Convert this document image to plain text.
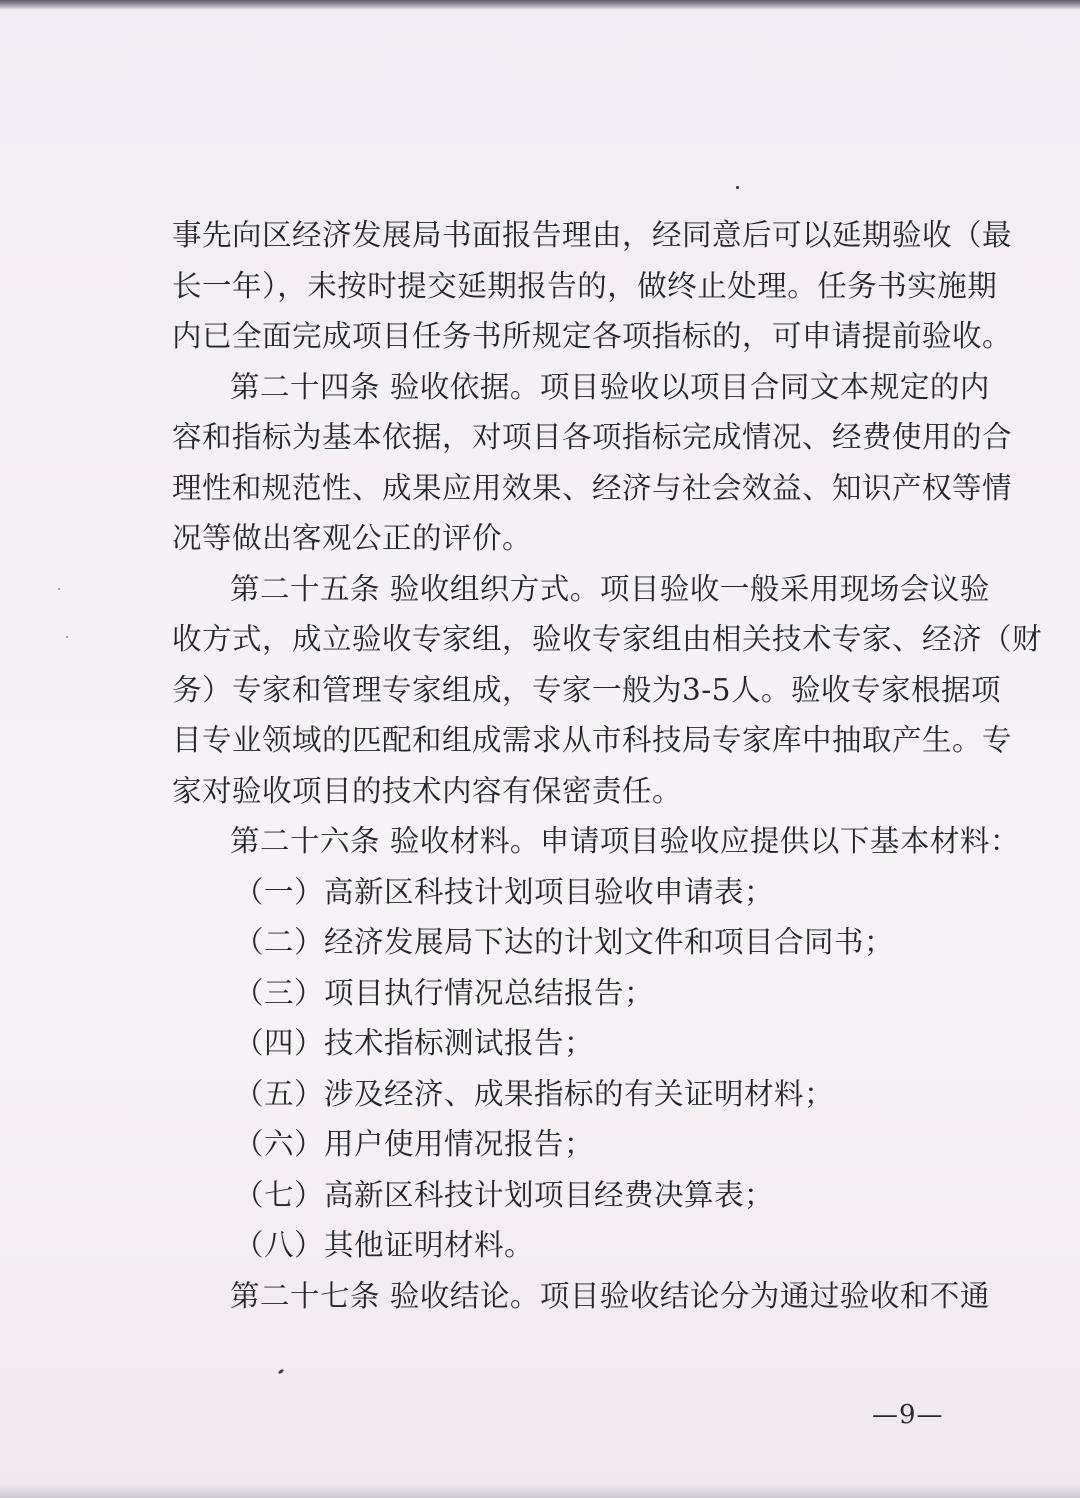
事先向区经济发展局书面报告理由，经同意后可以延期验收（最
长一年），未按时提交延期报告的，做终止处理。任务书实施期
内已全面完成项目任务书所规定各项指标的，可申请提前验收。
第二十四条 验收依据。项目验收以项目合同文本规定的内
容和指标为基本依据，对项目各项指标完成情况、经费使用的合
理性和规范性、成果应用效果、经济与社会效益、知识产权等情
况等做出客观公正的评价。
第二十五条 验收组织方式。项目验收一般采用现场会议验
收方式，成立验收专家组，验收专家组由相关技术专家、经济（财
务）专家和管理专家组成，专家一般为3-5人。验收专家根据项
目专业领域的匹配和组成需求从市科技局专家库中抽取产生。专
家对验收项目的技术内容有保密责任。
第二十六条 验收材料。申请项目验收应提供以下基本材料：
（一）高新区科技计划项目验收申请表；
（二）经济发展局下达的计划文件和项目合同书；
（三）项目执行情况总结报告；
（四）技术指标测试报告；
（五）涉及经济、成果指标的有关证明材料；
（六）用户使用情况报告；
（七）高新区科技计划项目经费决算表；
（八）其他证明材料。
第二十七条 验收结论。项目验收结论分为通过验收和不通
—9—
